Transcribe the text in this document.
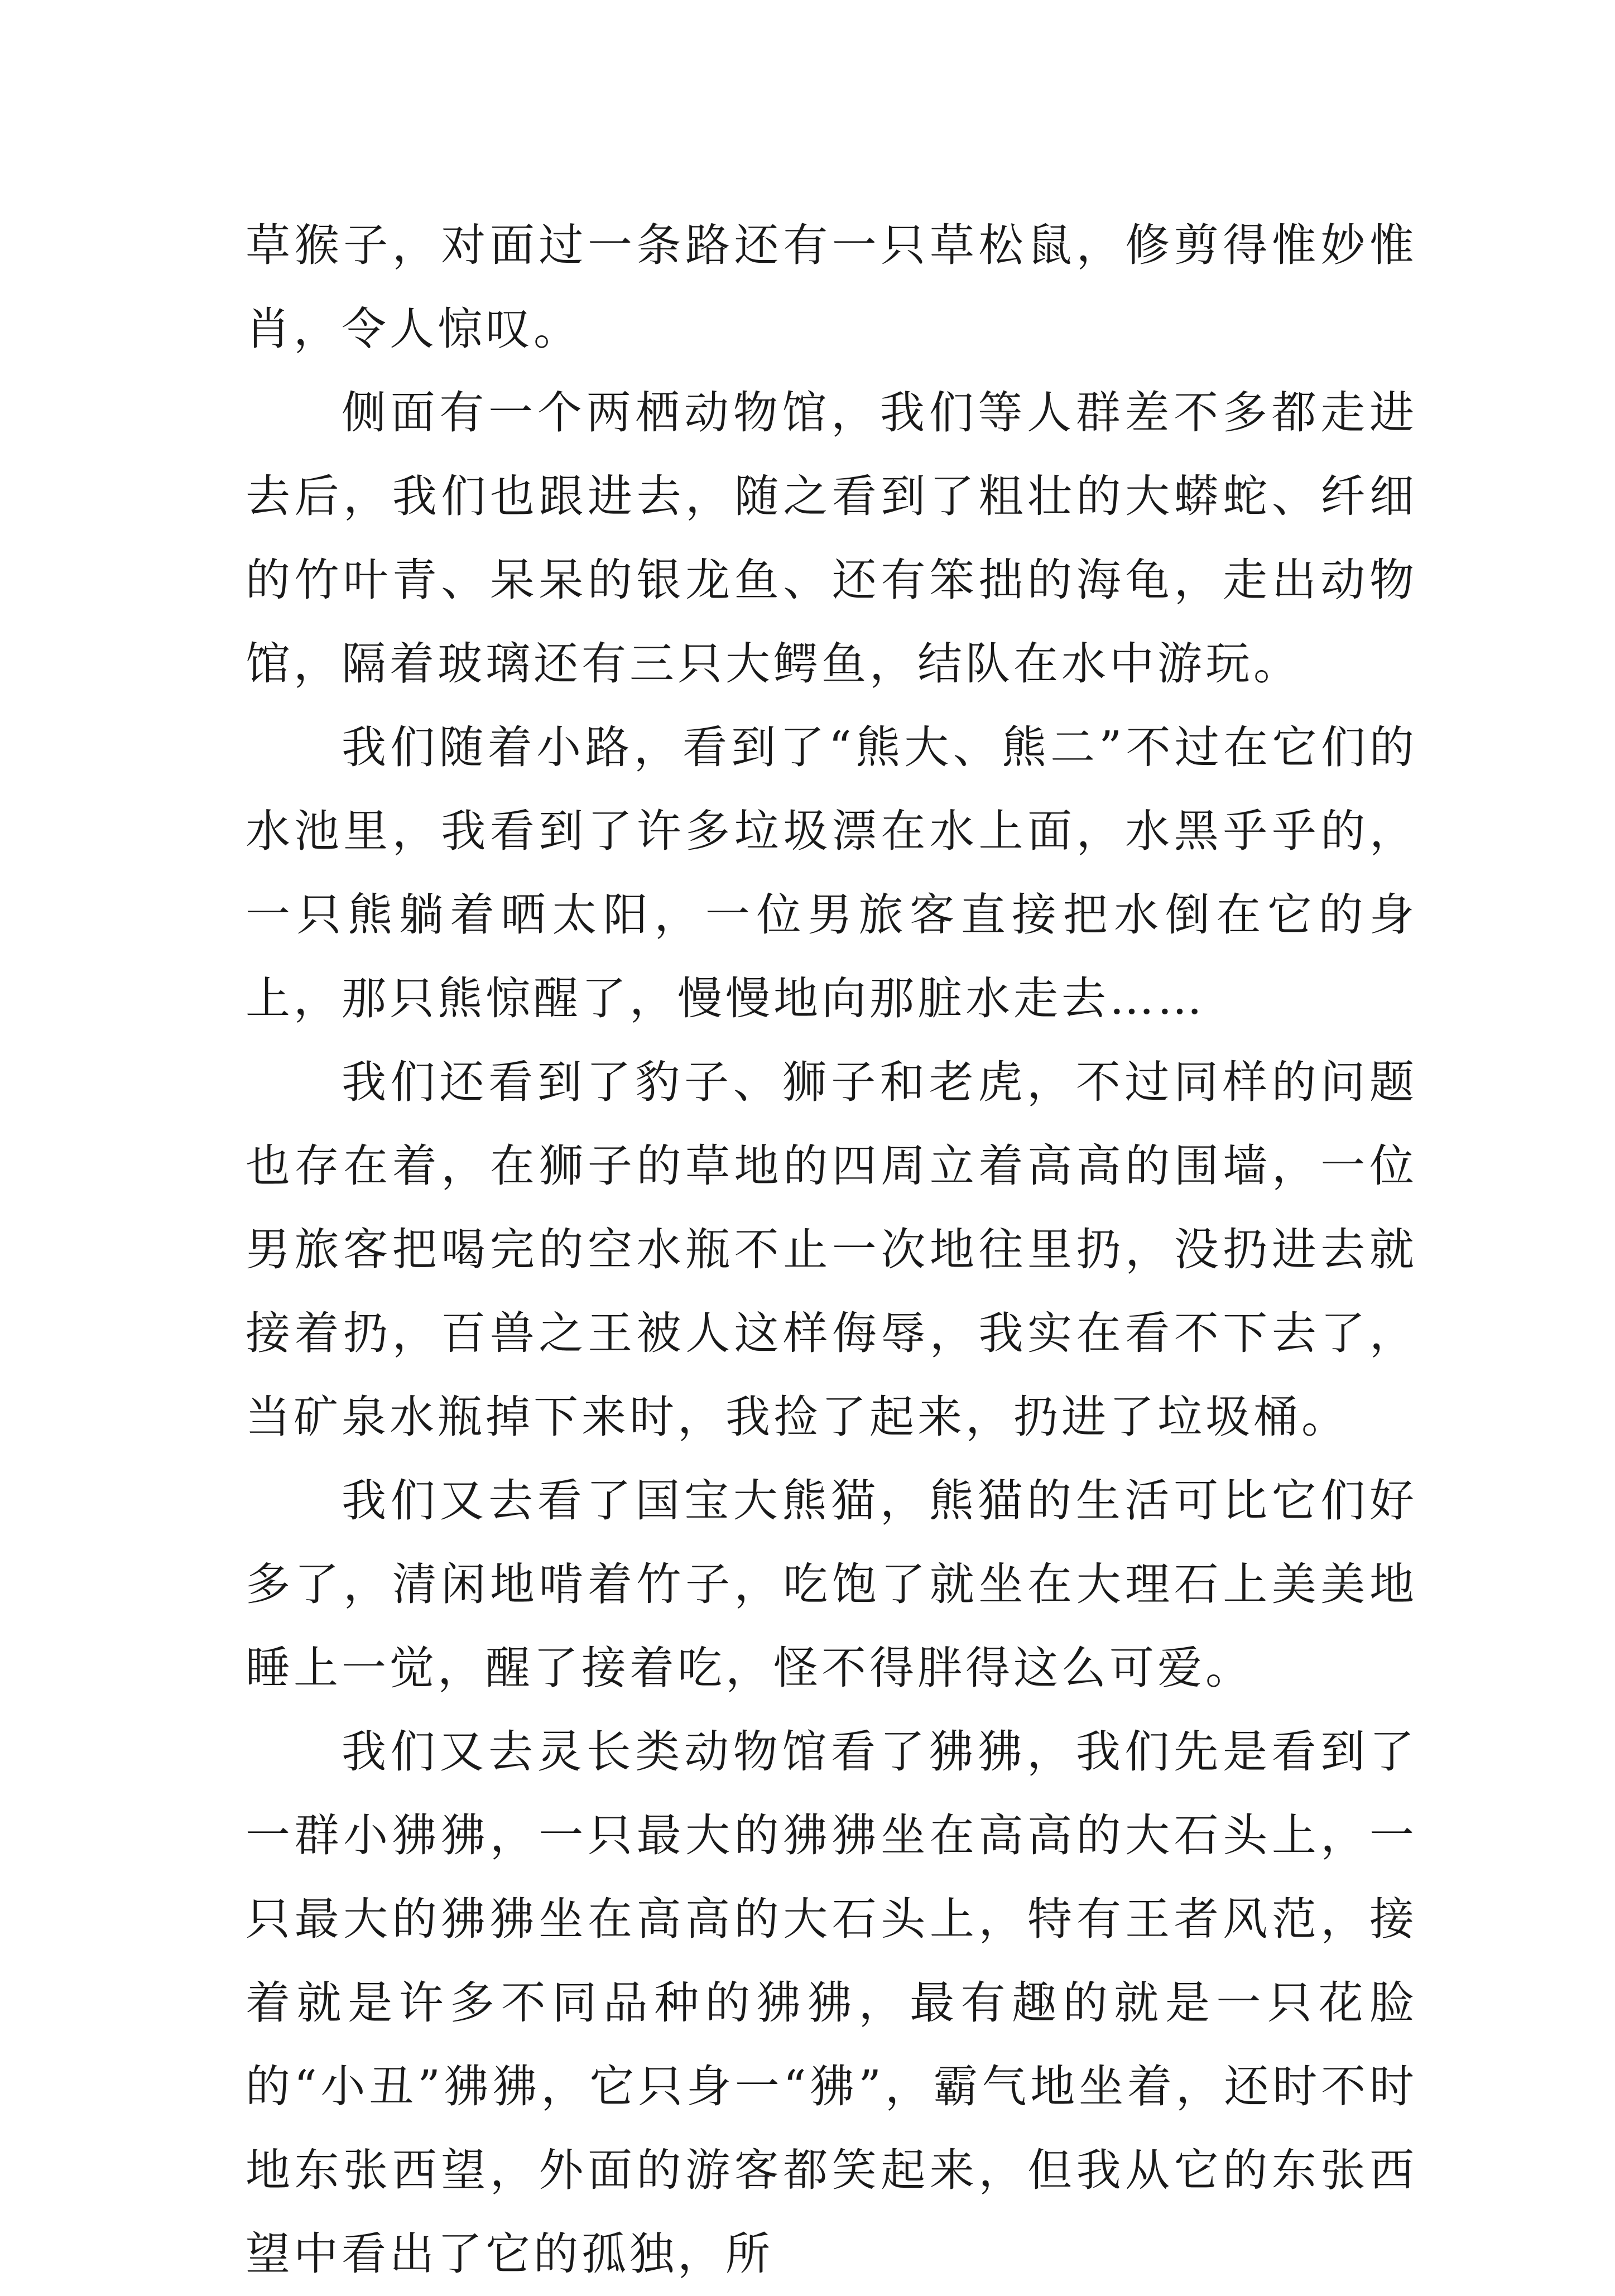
草猴子，对面过一条路还有一只草松鼠，修剪得惟妙惟肖，令人惊叹。

侧面有一个两栖动物馆，我们等人群差不多都走进去后，我们也跟进去，随之看到了粗壮的大蟒蛇、纤细的竹叶青、呆呆的银龙鱼、还有笨拙的海龟，走出动物馆，隔着玻璃还有三只大鳄鱼，结队在水中游玩。

我们随着小路，看到了“熊大、熊二”不过在它们的水池里，我看到了许多垃圾漂在水上面，水黑乎乎的，一只熊躺着晒太阳，一位男旅客直接把水倒在它的身上，那只熊惊醒了，慢慢地向那脏水走去……

我们还看到了豹子、狮子和老虎，不过同样的问题也存在着，在狮子的草地的四周立着高高的围墙，一位男旅客把喝完的空水瓶不止一次地往里扔，没扔进去就接着扔，百兽之王被人这样侮辱，我实在看不下去了，当矿泉水瓶掉下来时，我捡了起来，扔进了垃圾桶。

我们又去看了国宝大熊猫，熊猫的生活可比它们好多了，清闲地啃着竹子，吃饱了就坐在大理石上美美地睡上一觉，醒了接着吃，怪不得胖得这么可爱。

我们又去灵长类动物馆看了狒狒，我们先是看到了一群小狒狒，一只最大的狒狒坐在高高的大石头上，一只最大的狒狒坐在高高的大石头上，特有王者风范，接着就是许多不同品种的狒狒，最有趣的就是一只花脸的“小丑”狒狒，它只身一“狒”，霸气地坐着，还时不时地东张西望，外面的游客都笑起来，但我从它的东张西望中看出了它的孤独，所
